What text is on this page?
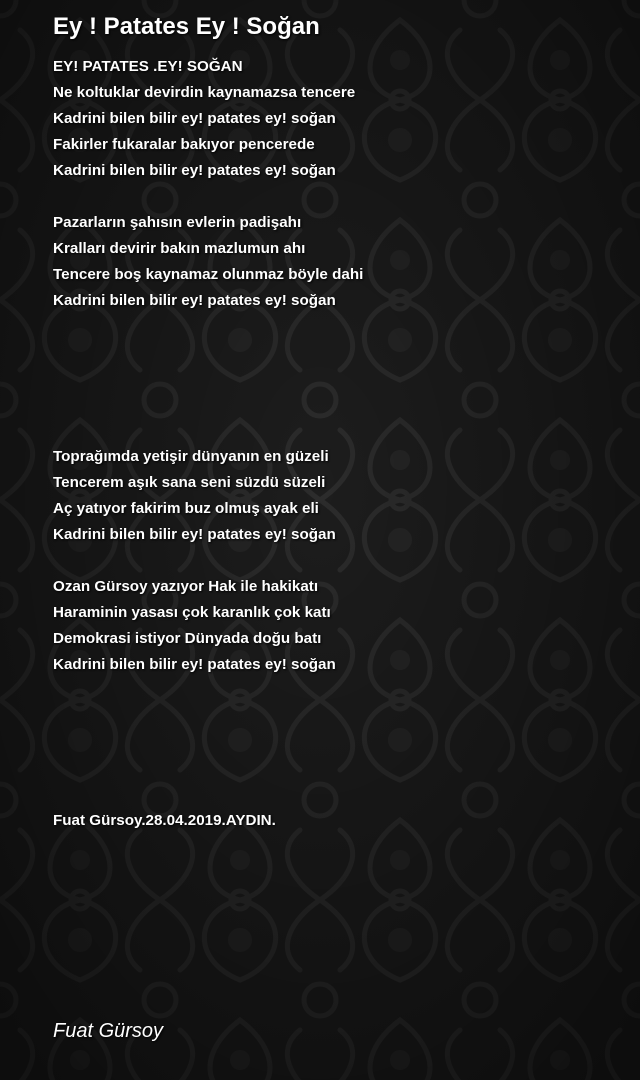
Ey ! Patates Ey ! Soğan
EY! PATATES .EY! SOĞAN
Ne koltuklar devirdin kaynamazsa tencere
Kadrini bilen bilir ey! patates ey! soğan
Fakirler fukaralar bakıyor pencerede
Kadrini bilen bilir ey! patates ey! soğan
Pazarların şahısın evlerin padişahı
Kralları devirir bakın mazlumun ahı
Tencere boş kaynamaz olunmaz böyle dahi
Kadrini bilen bilir ey! patates ey! soğan
Toprağımda yetişir dünyanın en güzeli
Tencerem aşık sana seni süzdü süzeli
Aç yatıyor fakirim buz olmuş ayak eli
Kadrini bilen bilir ey! patates ey! soğan
Ozan Gürsoy yazıyor Hak ile hakikatı
Haraminin yasası çok karanlık çok katı
Demokrasi istiyor Dünyada doğu batı
Kadrini bilen bilir ey! patates ey! soğan
Fuat Gürsoy.28.04.2019.AYDIN.
Fuat Gürsoy
